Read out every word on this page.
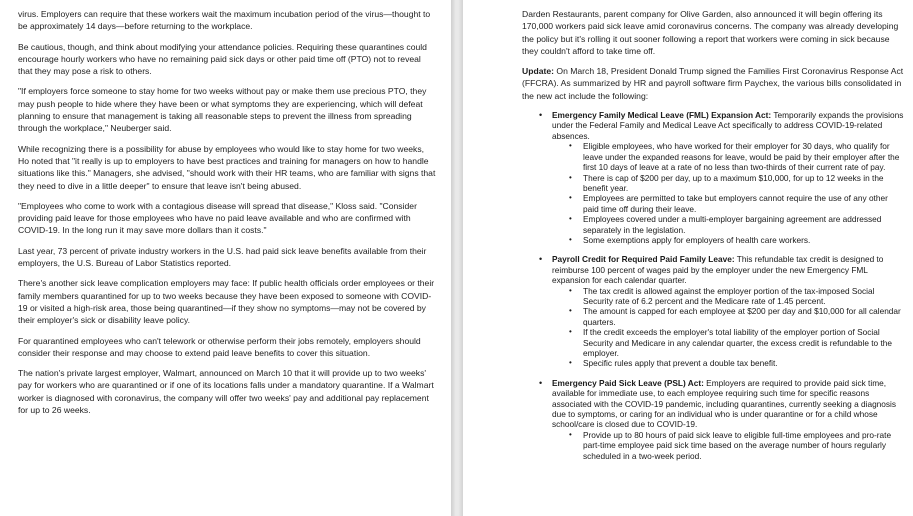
virus. Employers can require that these workers wait the maximum incubation period of the virus—thought to be approximately 14 days—before returning to the workplace.

Be cautious, though, and think about modifying your attendance policies. Requiring these quarantines could encourage hourly workers who have no remaining paid sick days or other paid time off (PTO) not to reveal that they may pose a risk to others.

"If employers force someone to stay home for two weeks without pay or make them use precious PTO, they may push people to hide where they have been or what symptoms they are experiencing, which will defeat planning to ensure that management is taking all reasonable steps to prevent the illness from spreading through the workplace," Neuberger said.

While recognizing there is a possibility for abuse by employees who would like to stay home for two weeks, Ho noted that "it really is up to employers to have best practices and training for managers on how to handle situations like this." Managers, she advised, "should work with their HR teams, who are familiar with signs that they need to dive in a little deeper" to ensure that leave isn't being abused.

"Employees who come to work with a contagious disease will spread that disease," Kloss said. "Consider providing paid leave for those employees who have no paid leave available and who are confirmed with COVID-19. In the long run it may save more dollars than it costs."

Last year, 73 percent of private industry workers in the U.S. had paid sick leave benefits available from their employers, the U.S. Bureau of Labor Statistics reported.

There's another sick leave complication employers may face: If public health officials order employees or their family members quarantined for up to two weeks because they have been exposed to someone with COVID-19 or visited a high-risk area, those being quarantined—if they show no symptoms—may not be covered by their employer's sick or disability leave policy.

For quarantined employees who can't telework or otherwise perform their jobs remotely, employers should consider their response and may choose to extend paid leave benefits to cover this situation.

The nation's private largest employer, Walmart, announced on March 10 that it will provide up to two weeks' pay for workers who are quarantined or if one of its locations falls under a mandatory quarantine. If a Walmart worker is diagnosed with coronavirus, the company will offer two weeks' pay and additional pay replacement for up to 26 weeks.

Darden Restaurants, parent company for Olive Garden, also announced it will begin offering its 170,000 workers paid sick leave amid coronavirus concerns. The company was already developing the policy but it's rolling it out sooner following a report that workers were coming in sick because they couldn't afford to take time off.

Update: On March 18, President Donald Trump signed the Families First Coronavirus Response Act (FFCRA). As summarized by HR and payroll software firm Paychex, the various bills consolidated in the new act include the following:

• Emergency Family Medical Leave (FML) Expansion Act: Temporarily expands the provisions under the Federal Family and Medical Leave Act specifically to address COVID-19-related absences.
• Eligible employees, who have worked for their employer for 30 days, who qualify for leave under the expanded reasons for leave, would be paid by their employer after the first 10 days of leave at a rate of no less than two-thirds of their current rate of pay.
• There is cap of $200 per day, up to a maximum $10,000, for up to 12 weeks in the benefit year.
• Employees are permitted to take but employers cannot require the use of any other paid time off during their leave.
• Employees covered under a multi-employer bargaining agreement are addressed separately in the legislation.
• Some exemptions apply for employers of health care workers.
• Payroll Credit for Required Paid Family Leave: This refundable tax credit is designed to reimburse 100 percent of wages paid by the employer under the new Emergency FML expansion for each calendar quarter.
• The tax credit is allowed against the employer portion of the tax-imposed Social Security rate of 6.2 percent and the Medicare rate of 1.45 percent.
• The amount is capped for each employee at $200 per day and $10,000 for all calendar quarters.
• If the credit exceeds the employer's total liability of the employer portion of Social Security and Medicare in any calendar quarter, the excess credit is refundable to the employer.
• Specific rules apply that prevent a double tax benefit.
• Emergency Paid Sick Leave (PSL) Act: Employers are required to provide paid sick time, available for immediate use, to each employee requiring such time for specific reasons associated with the COVID-19 pandemic, including quarantines, currently seeking a diagnosis due to symptoms, or caring for an individual who is under quarantine or for a child whose school/care is closed due to COVID-19.
• Provide up to 80 hours of paid sick leave to eligible full-time employees and pro-rate part-time employee paid sick time based on the average number of hours regularly scheduled in a two-week period.
